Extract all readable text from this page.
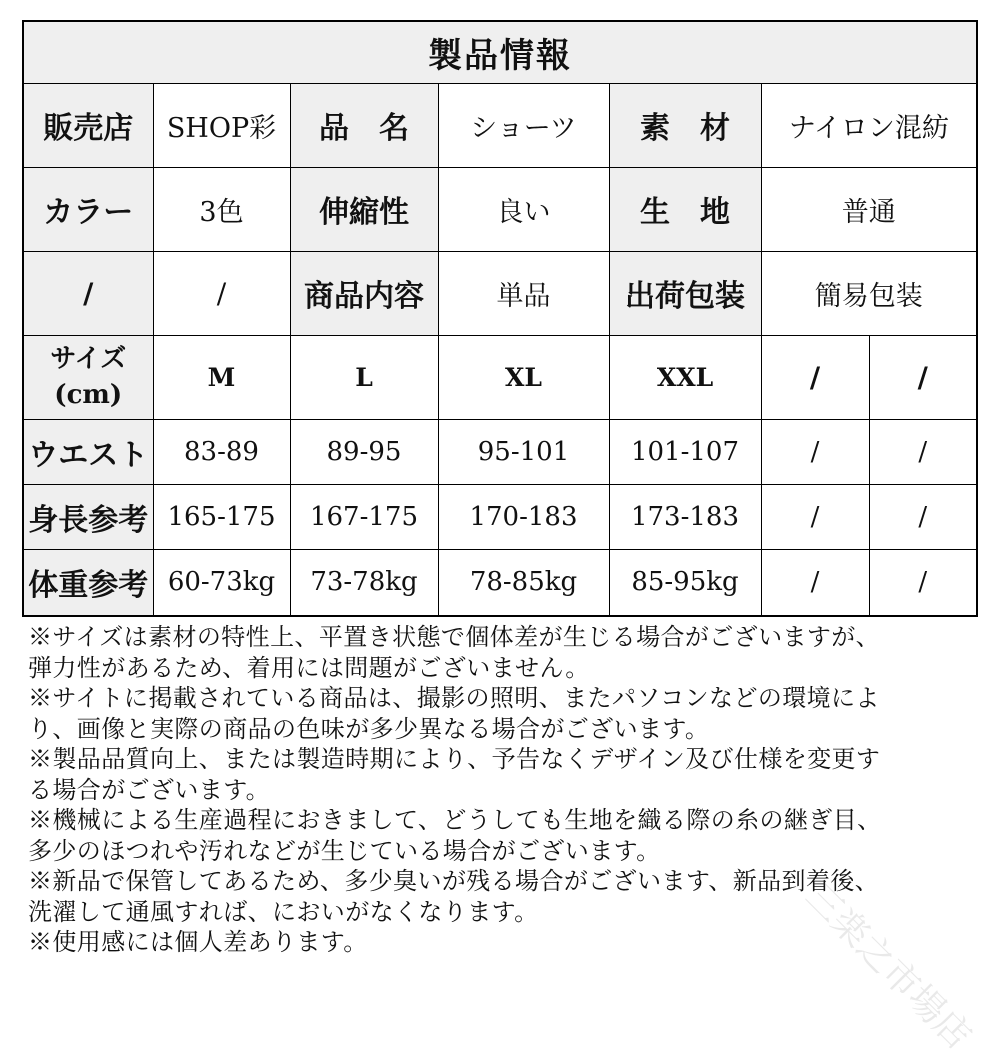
製品情報						
販売店	SHOP彩	品　名	ショーツ	素　材	ナイロン混紡	
カラー	3色	伸縮性	良い	生　地	普通	
/	/	商品内容	単品	出荷包装	簡易包装	
サイズ
(cm)	M	L	XL	XXL	/	/
ウエスト	83-89	89-95	95-101	101-107	/	/
身長参考	165-175	167-175	170-183	173-183	/	/
体重参考	60-73kg	73-78kg	78-85kg	85-95kg	/	/
※サイズは素材の特性上、平置き状態で個体差が生じる場合がございますが、
弾力性があるため、着用には問題がございません。
※サイトに掲載されている商品は、撮影の照明、またパソコンなどの環境によ
り、画像と実際の商品の色味が多少異なる場合がございます。
※製品品質向上、または製造時期により、予告なくデザイン及び仕様を変更す
る場合がございます。
※機械による生産過程におきまして、どうしても生地を織る際の糸の継ぎ目、
多少のほつれや汚れなどが生じている場合がございます。
※新品で保管してあるため、多少臭いが残る場合がございます、新品到着後、
洗濯して通風すれば、においがなくなります。
※使用感には個人差あります。	三楽之市場店
